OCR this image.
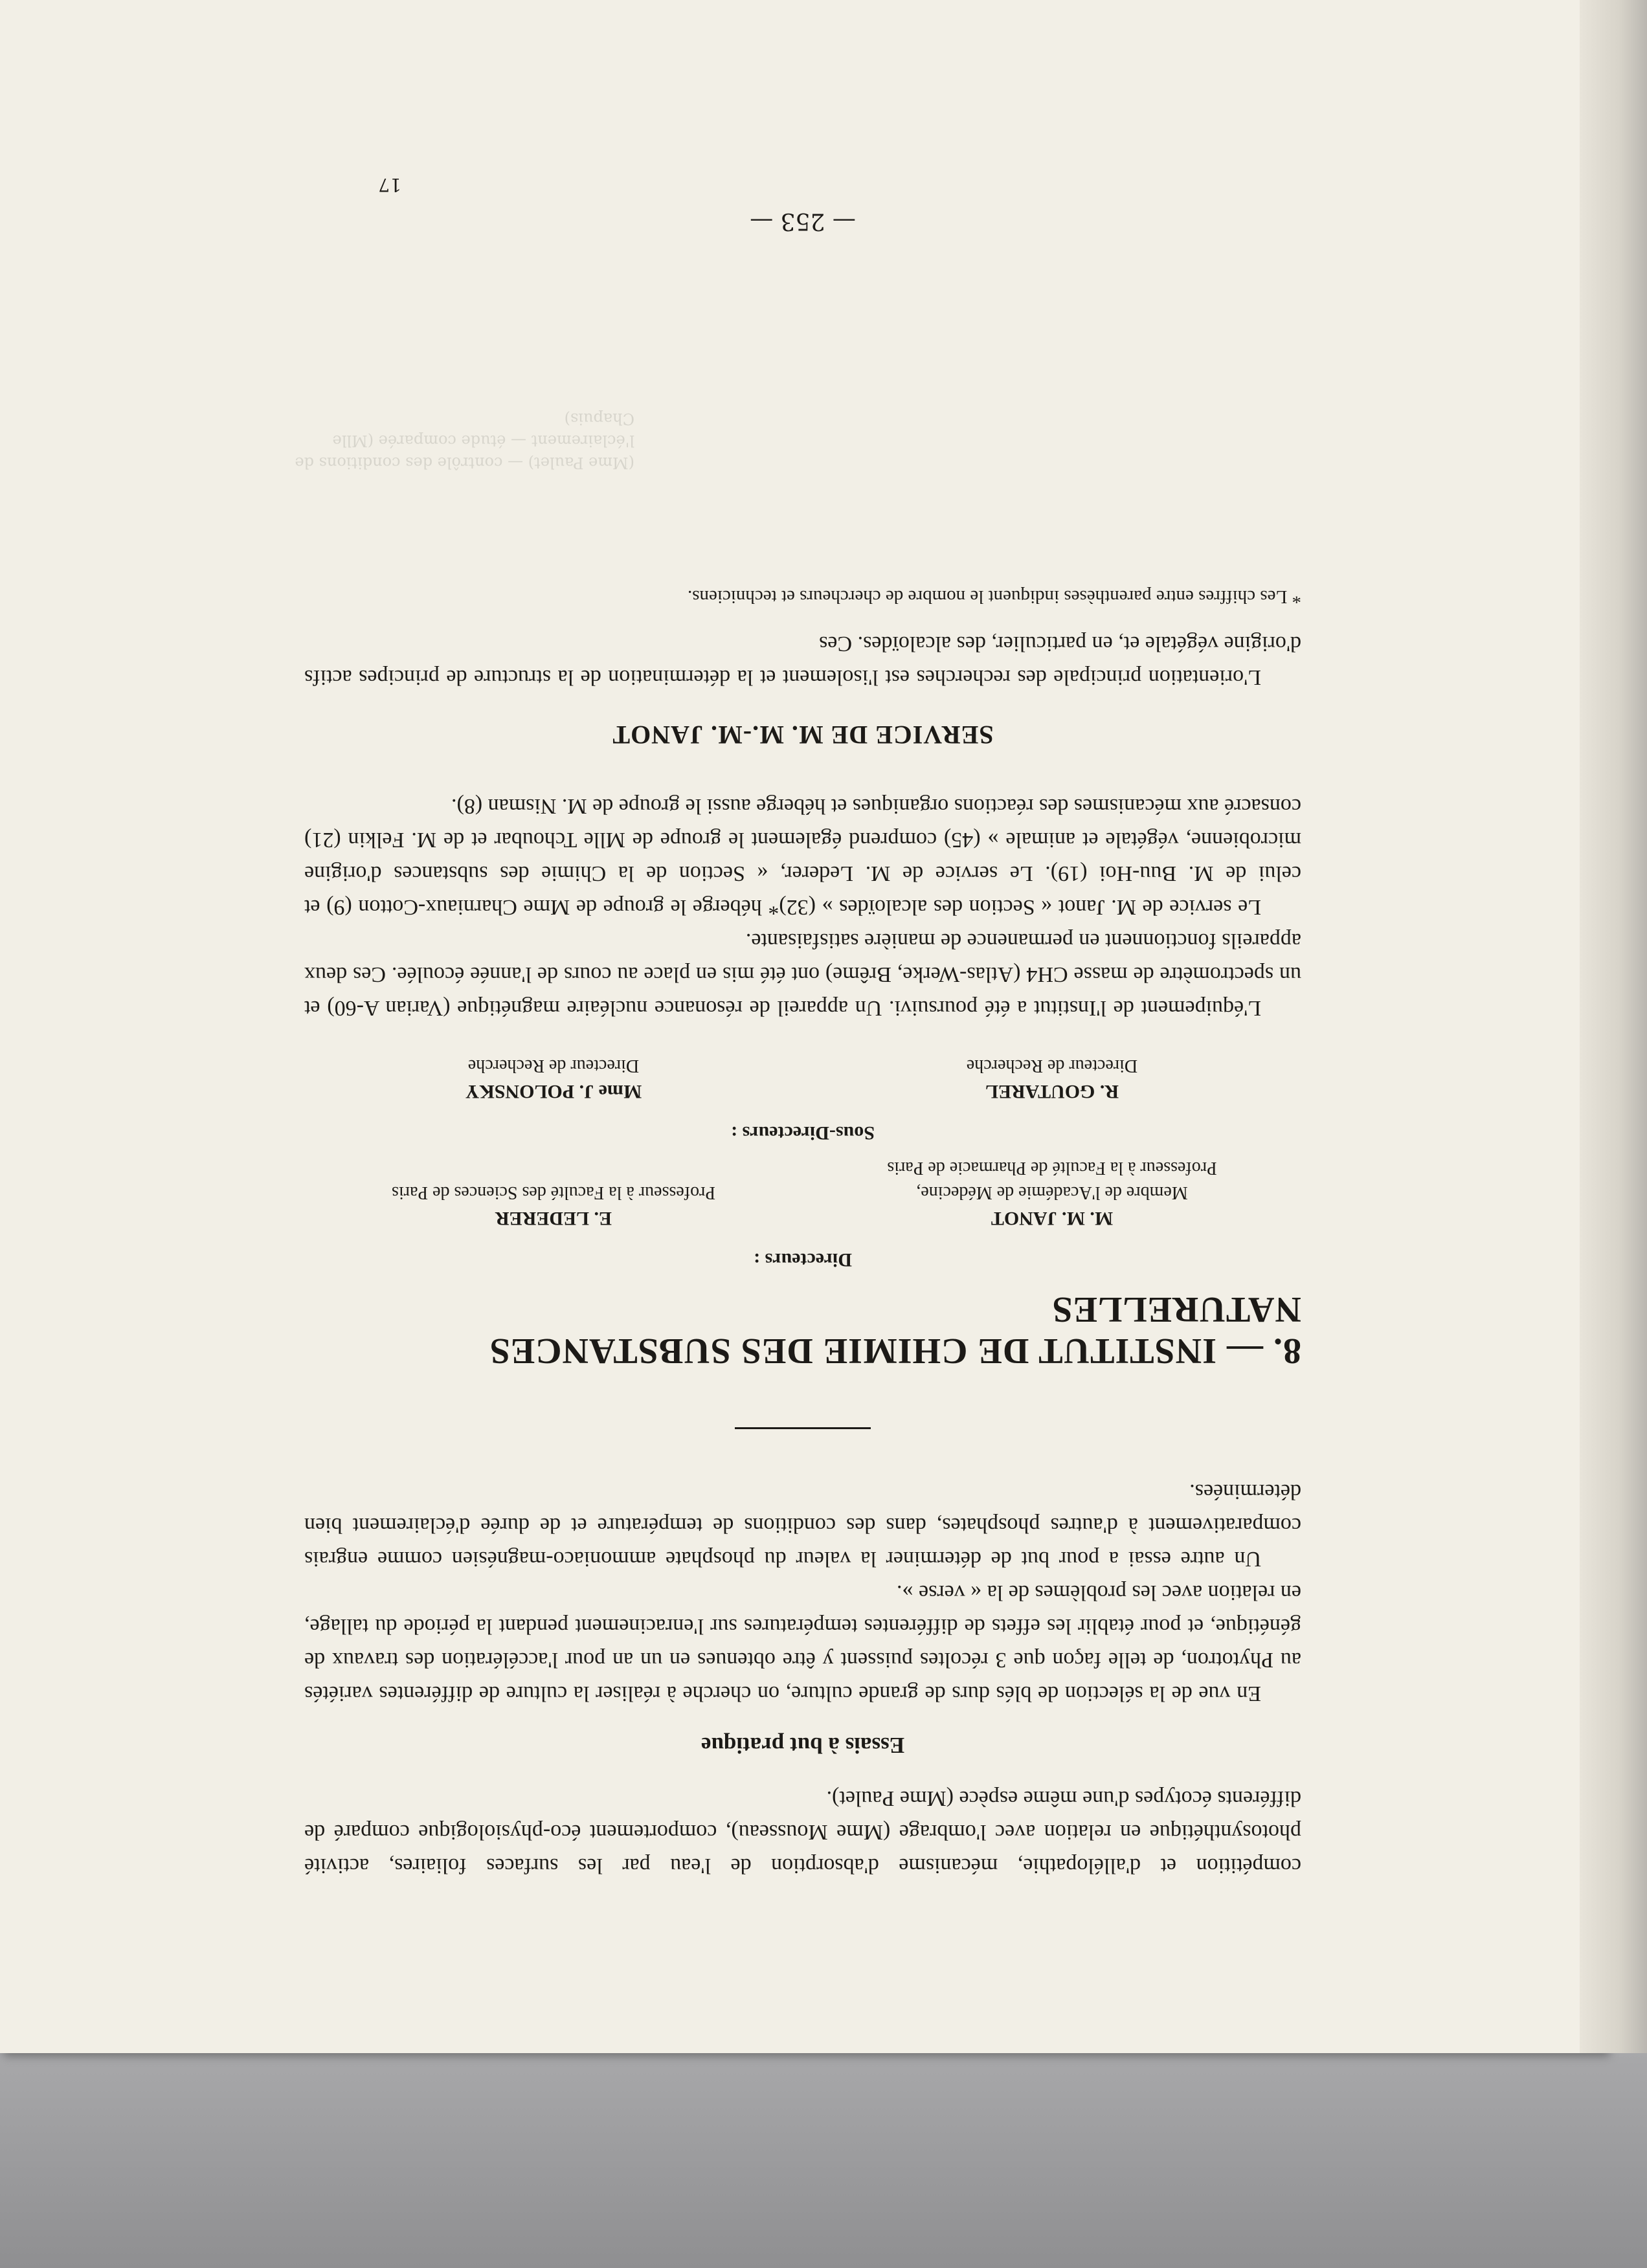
(Mme Paulet) — contrôle des conditions de l'éclairement — étude comparée (Mlle Chapuis)

compétition et d'allélopathie, mécanisme d'absorption de l'eau par les surfaces foliaires, activité photosynthétique en relation avec l'ombrage (Mme Mousseau), comportement éco-physiologique comparé de différents écotypes d'une même espèce (Mme Paulet).

Essais à but pratique

En vue de la sélection de blés durs de grande culture, on cherche à réaliser la culture de différentes variétés au Phytotron, de telle façon que 3 récoltes puissent y être obtenues en un an pour l'accélération des travaux de génétique, et pour établir les effets de différentes températures sur l'enracinement pendant la période du tallage, en relation avec les problèmes de la « verse ».

Un autre essai a pour but de déterminer la valeur du phosphate ammoniaco-magnésien comme engrais comparativement à d'autres phosphates, dans des conditions de température et de durée d'éclairement bien déterminées.

8. — INSTITUT DE CHIMIE DES SUBSTANCES NATURELLES

Directeurs :

M. M. JANOT
Membre de l'Académie de Médecine,
Professeur à la Faculté de Pharmacie de Paris
E. LEDERER
Professeur à la Faculté des Sciences de Paris

Sous-Directeurs :

R. GOUTAREL
Directeur de Recherche
Mme J. POLONSKY
Directeur de Recherche

L'équipement de l'Institut a été poursuivi. Un appareil de résonance nucléaire magnétique (Varian A-60) et un spectromètre de masse CH4 (Atlas-Werke, Brême) ont été mis en place au cours de l'année écoulée. Ces deux appareils fonctionnent en permanence de manière satisfaisante.

Le service de M. Janot « Section des alcaloïdes » (32)* héberge le groupe de Mme Charniaux-Cotton (9) et celui de M. Buu-Hoi (19). Le service de M. Lederer, « Section de la Chimie des substances d'origine microbienne, végétale et animale » (45) comprend également le groupe de Mlle Tchoubar et de M. Felkin (21) consacré aux mécanismes des réactions organiques et héberge aussi le groupe de M. Nisman (8).

SERVICE DE M. M.-M. JANOT

L'orientation principale des recherches est l'isolement et la détermination de la structure de principes actifs d'origine végétale et, en particulier, des alcaloïdes. Ces

* Les chiffres entre parenthèses indiquent le nombre de chercheurs et techniciens.

— 253 —
17
